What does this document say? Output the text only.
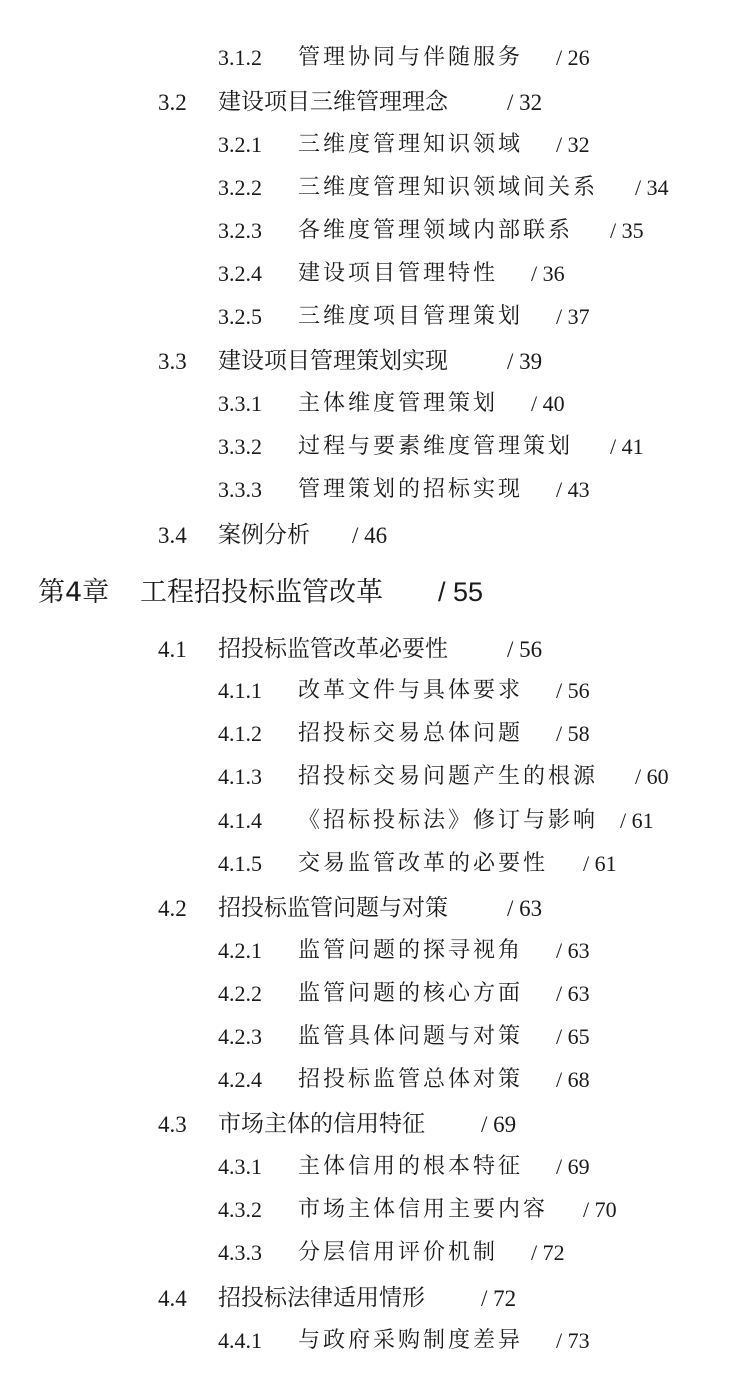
3.1.2 管理协同与伴随服务 / 26
3.2 建设项目三维管理理念	/ 32
3.2.1 三维度管理知识领域 / 32
3.2.2 三维度管理知识领域间关系 / 34
3.2.3 各维度管理领域内部联系 / 35
3.2.4 建设项目管理特性 / 36
3.2.5 三维度项目管理策划 / 37
3.3 建设项目管理策划实现	/ 39
3.3.1 主体维度管理策划 / 40
3.3.2 过程与要素维度管理策划 / 41
3.3.3 管理策划的招标实现 / 43
3.4 案例分析 / 46
第4章 工程招投标监管改革 / 55
4.1 招投标监管改革必要性	/ 56
4.1.1 改革文件与具体要求 / 56
4.1.2 招投标交易总体问题 / 58
4.1.3 招投标交易问题产生的根源 / 60
4.1.4 《招标投标法》修订与影响 / 61
4.1.5 交易监管改革的必要性 / 61
4.2 招投标监管问题与对策	/ 63
4.2.1 监管问题的探寻视角 / 63
4.2.2 监管问题的核心方面 / 63
4.2.3 监管具体问题与对策 / 65
4.2.4 招投标监管总体对策 / 68
4.3 市场主体的信用特征 / 69
4.3.1 主体信用的根本特征 / 69
4.3.2 市场主体信用主要内容 / 70
4.3.3 分层信用评价机制 / 72
4.4 招投标法律适用情形 / 72
4.4.1 与政府采购制度差异 / 73
